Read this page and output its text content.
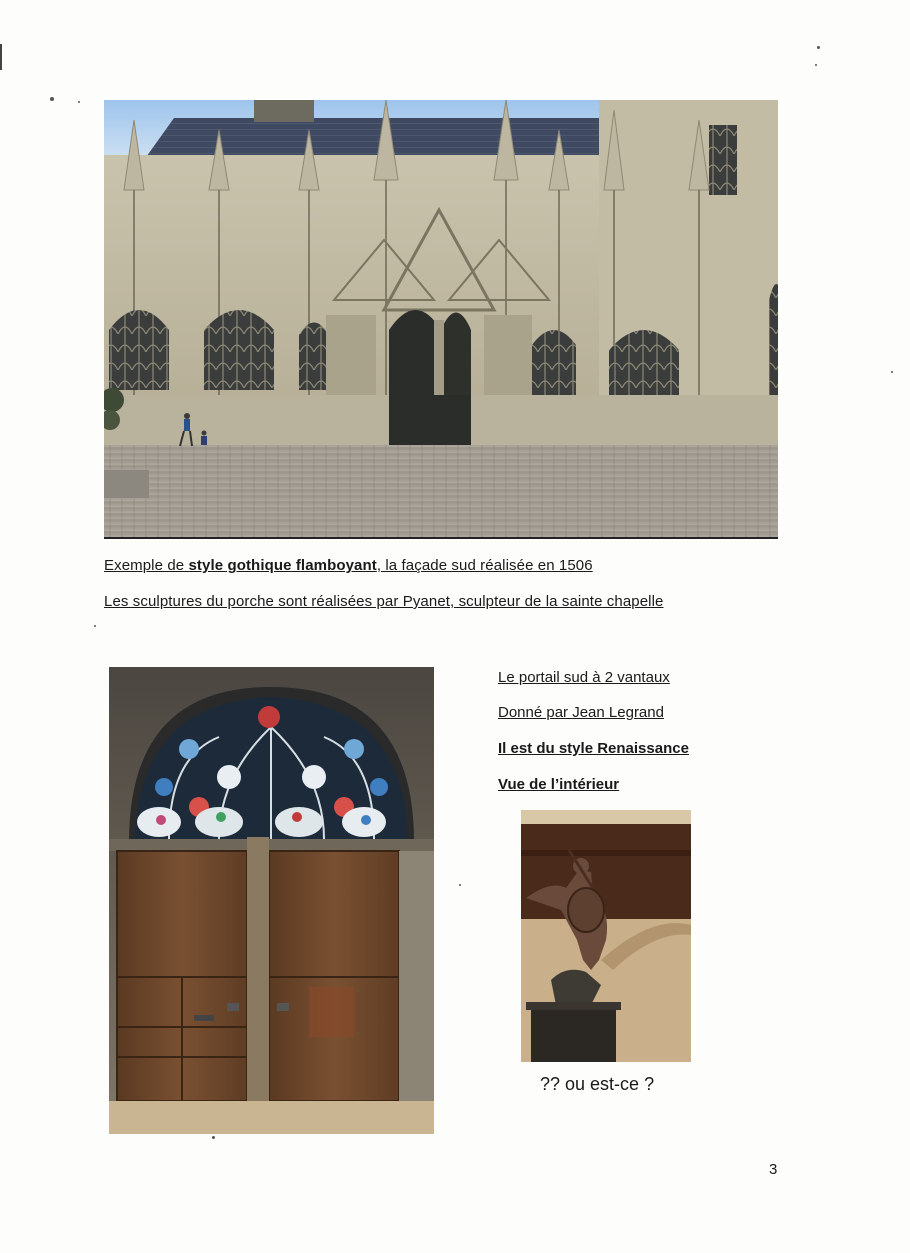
Exemple de style gothique flamboyant, la façade sud réalisée en 1506
Les sculptures du porche sont réalisées par Pyanet, sculpteur de la sainte chapelle
Le portail sud à 2 vantaux
Donné par Jean Legrand
Il est du style Renaissance
Vue de l’intérieur
?? ou est-ce ?
3
